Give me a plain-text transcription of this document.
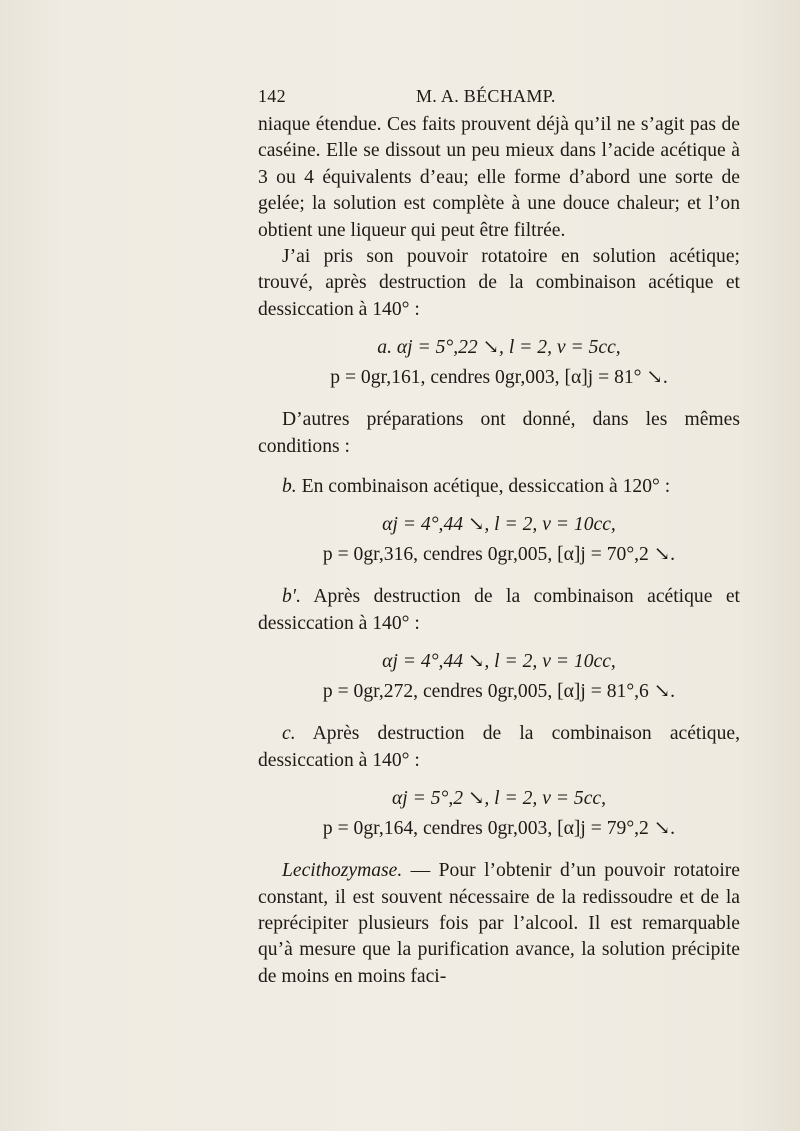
142	M. A. BÉCHAMP.

niaque étendue. Ces faits prouvent déjà qu’il ne s’agit pas de caséine. Elle se dissout un peu mieux dans l’acide acétique à 3 ou 4 équivalents d’eau; elle forme d’abord une sorte de gelée; la solution est complète à une douce chaleur; et l’on obtient une liqueur qui peut être filtrée.

J’ai pris son pouvoir rotatoire en solution acétique; trouvé, après destruction de la combinaison acétique et dessiccation à 140° :

a. αj = 5°,22 ↘, l = 2, v = 5cc,
p = 0gr,161, cendres 0gr,003, [α]j = 81° ↘.

D’autres préparations ont donné, dans les mêmes conditions :

b. En combinaison acétique, dessiccation à 120° :

αj = 4°,44 ↘, l = 2, v = 10cc,
p = 0gr,316, cendres 0gr,005, [α]j = 70°,2 ↘.

b′. Après destruction de la combinaison acétique et dessiccation à 140° :

αj = 4°,44 ↘, l = 2, v = 10cc,
p = 0gr,272, cendres 0gr,005, [α]j = 81°,6 ↘.

c. Après destruction de la combinaison acétique, dessiccation à 140° :

αj = 5°,2 ↘, l = 2, v = 5cc,
p = 0gr,164, cendres 0gr,003, [α]j = 79°,2 ↘.

Lecithozymase. — Pour l’obtenir d’un pouvoir rotatoire constant, il est souvent nécessaire de la redissoudre et de la reprécipiter plusieurs fois par l’alcool. Il est remarquable qu’à mesure que la purification avance, la solution précipite de moins en moins faci-
